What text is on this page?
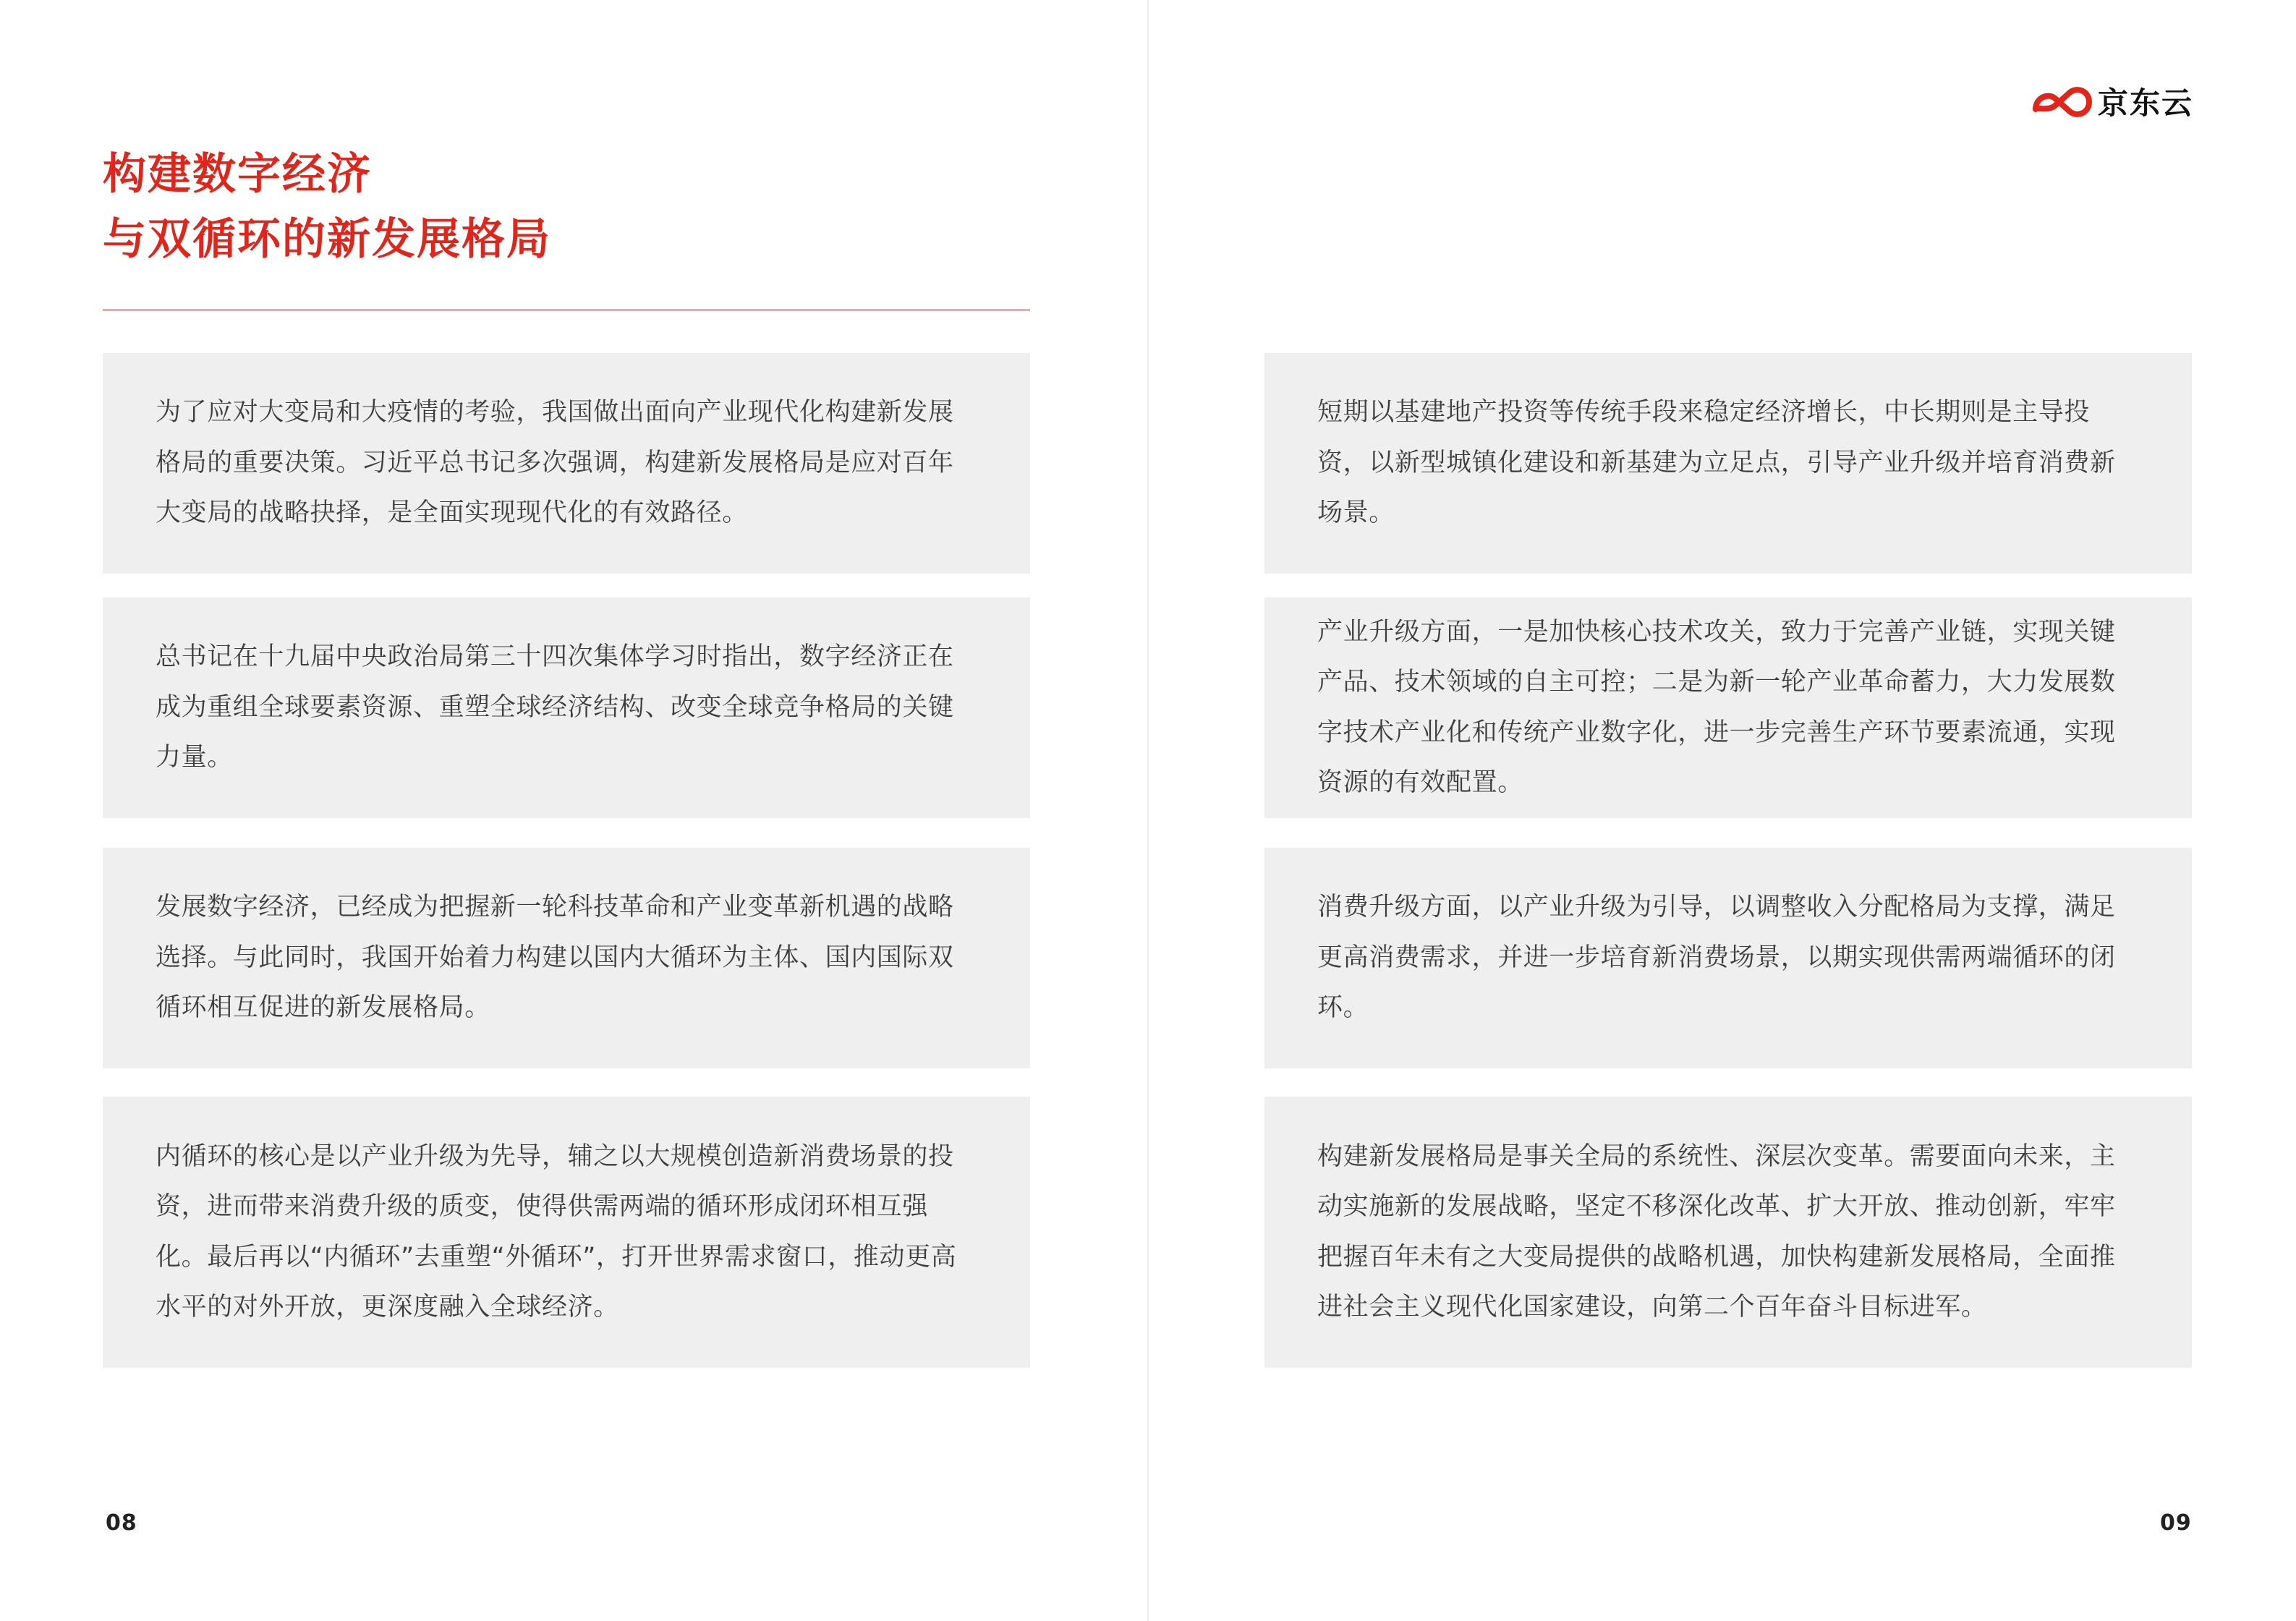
构建数字经济
与双循环的新发展格局

为了应对大变局和大疫情的考验，我国做出面向产业现代化构建新发展格局的重要决策。习近平总书记多次强调，构建新发展格局是应对百年大变局的战略抉择，是全面实现现代化的有效路径。

总书记在十九届中央政治局第三十四次集体学习时指出，数字经济正在成为重组全球要素资源、重塑全球经济结构、改变全球竞争格局的关键力量。

发展数字经济，已经成为把握新一轮科技革命和产业变革新机遇的战略选择。与此同时，我国开始着力构建以国内大循环为主体、国内国际双循环相互促进的新发展格局。

内循环的核心是以产业升级为先导，辅之以大规模创造新消费场景的投资，进而带来消费升级的质变，使得供需两端的循环形成闭环相互强化。最后再以“内循环”去重塑“外循环”，打开世界需求窗口，推动更高水平的对外开放，更深度融入全球经济。

08
京东云

短期以基建地产投资等传统手段来稳定经济增长，中长期则是主导投资，以新型城镇化建设和新基建为立足点，引导产业升级并培育消费新场景。

产业升级方面，一是加快核心技术攻关，致力于完善产业链，实现关键产品、技术领域的自主可控；二是为新一轮产业革命蓄力，大力发展数字技术产业化和传统产业数字化，进一步完善生产环节要素流通，实现资源的有效配置。

消费升级方面，以产业升级为引导，以调整收入分配格局为支撑，满足更高消费需求，并进一步培育新消费场景，以期实现供需两端循环的闭环。

构建新发展格局是事关全局的系统性、深层次变革。需要面向未来，主动实施新的发展战略，坚定不移深化改革、扩大开放、推动创新，牢牢把握百年未有之大变局提供的战略机遇，加快构建新发展格局，全面推进社会主义现代化国家建设，向第二个百年奋斗目标进军。

09
